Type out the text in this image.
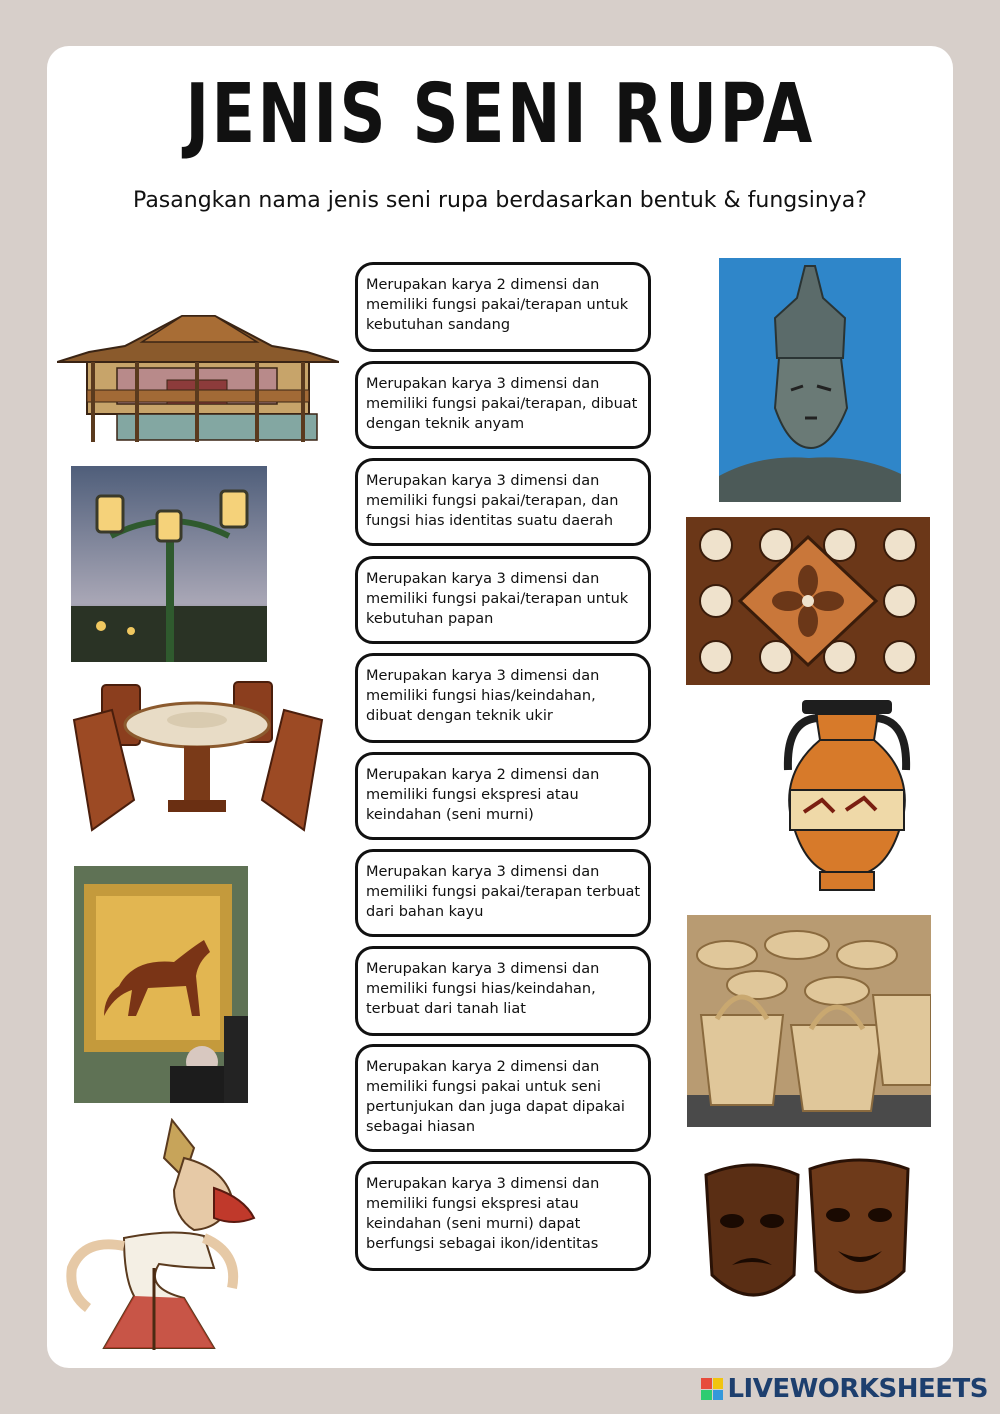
JENIS SENI RUPA
Pasangkan nama jenis seni rupa berdasarkan bentuk & fungsinya?
Merupakan karya 2 dimensi dan memiliki fungsi pakai/terapan untuk kebutuhan sandang
Merupakan karya 3 dimensi dan memiliki fungsi pakai/terapan, dibuat dengan teknik anyam
Merupakan karya 3 dimensi dan memiliki fungsi pakai/terapan, dan fungsi hias identitas suatu daerah
Merupakan karya 3 dimensi dan memiliki fungsi pakai/terapan untuk kebutuhan papan
Merupakan karya 3 dimensi dan memiliki fungsi hias/keindahan, dibuat dengan teknik ukir
Merupakan karya 2 dimensi dan memiliki fungsi ekspresi atau keindahan (seni murni)
Merupakan karya 3 dimensi dan memiliki fungsi pakai/terapan terbuat dari bahan kayu
Merupakan karya 3 dimensi dan memiliki fungsi hias/keindahan, terbuat dari tanah liat
Merupakan karya 2 dimensi dan memiliki fungsi pakai untuk seni pertunjukan dan juga dapat dipakai sebagai hiasan
Merupakan karya 3 dimensi dan memiliki fungsi ekspresi atau keindahan (seni murni) dapat berfungsi sebagai ikon/identitas
LIVEWORKSHEETS
